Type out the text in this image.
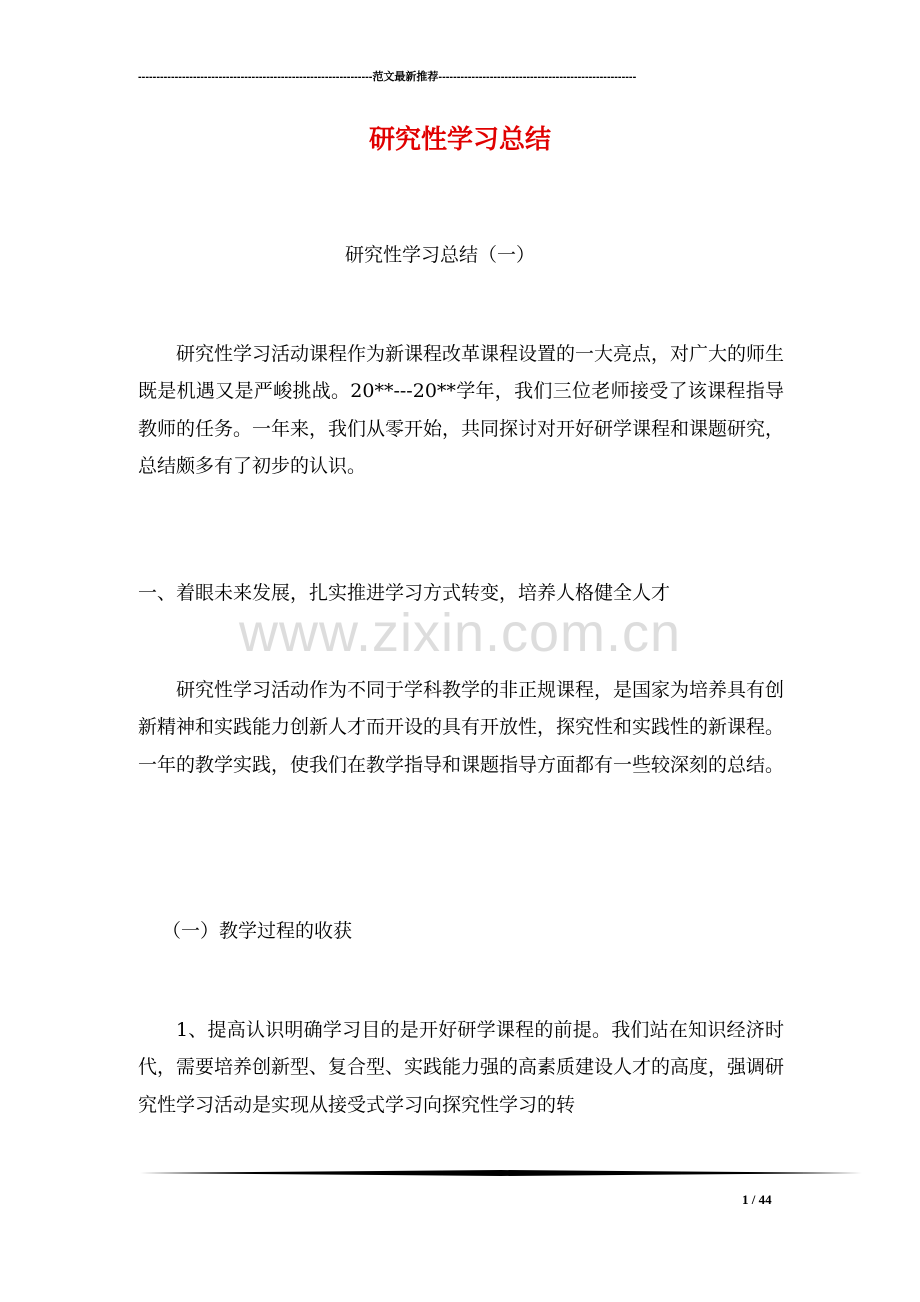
----------------------------------------------------------------范文最新推荐------------------------------------------------------
研究性学习总结
研究性学习总结（一）
研究性学习活动课程作为新课程改革课程设置的一大亮点，对广大的师生既是机遇又是严峻挑战。20**---20**学年，我们三位老师接受了该课程指导教师的任务。一年来，我们从零开始，共同探讨对开好研学课程和课题研究，总结颇多有了初步的认识。
一、着眼未来发展，扎实推进学习方式转变，培养人格健全人才
www.zixin.com.cn
研究性学习活动作为不同于学科教学的非正规课程，是国家为培养具有创新精神和实践能力创新人才而开设的具有开放性，探究性和实践性的新课程。一年的教学实践，使我们在教学指导和课题指导方面都有一些较深刻的总结。
（一）教学过程的收获
1、提高认识明确学习目的是开好研学课程的前提。我们站在知识经济时代，需要培养创新型、复合型、实践能力强的高素质建设人才的高度，强调研究性学习活动是实现从接受式学习向探究性学习的转
1 / 44
